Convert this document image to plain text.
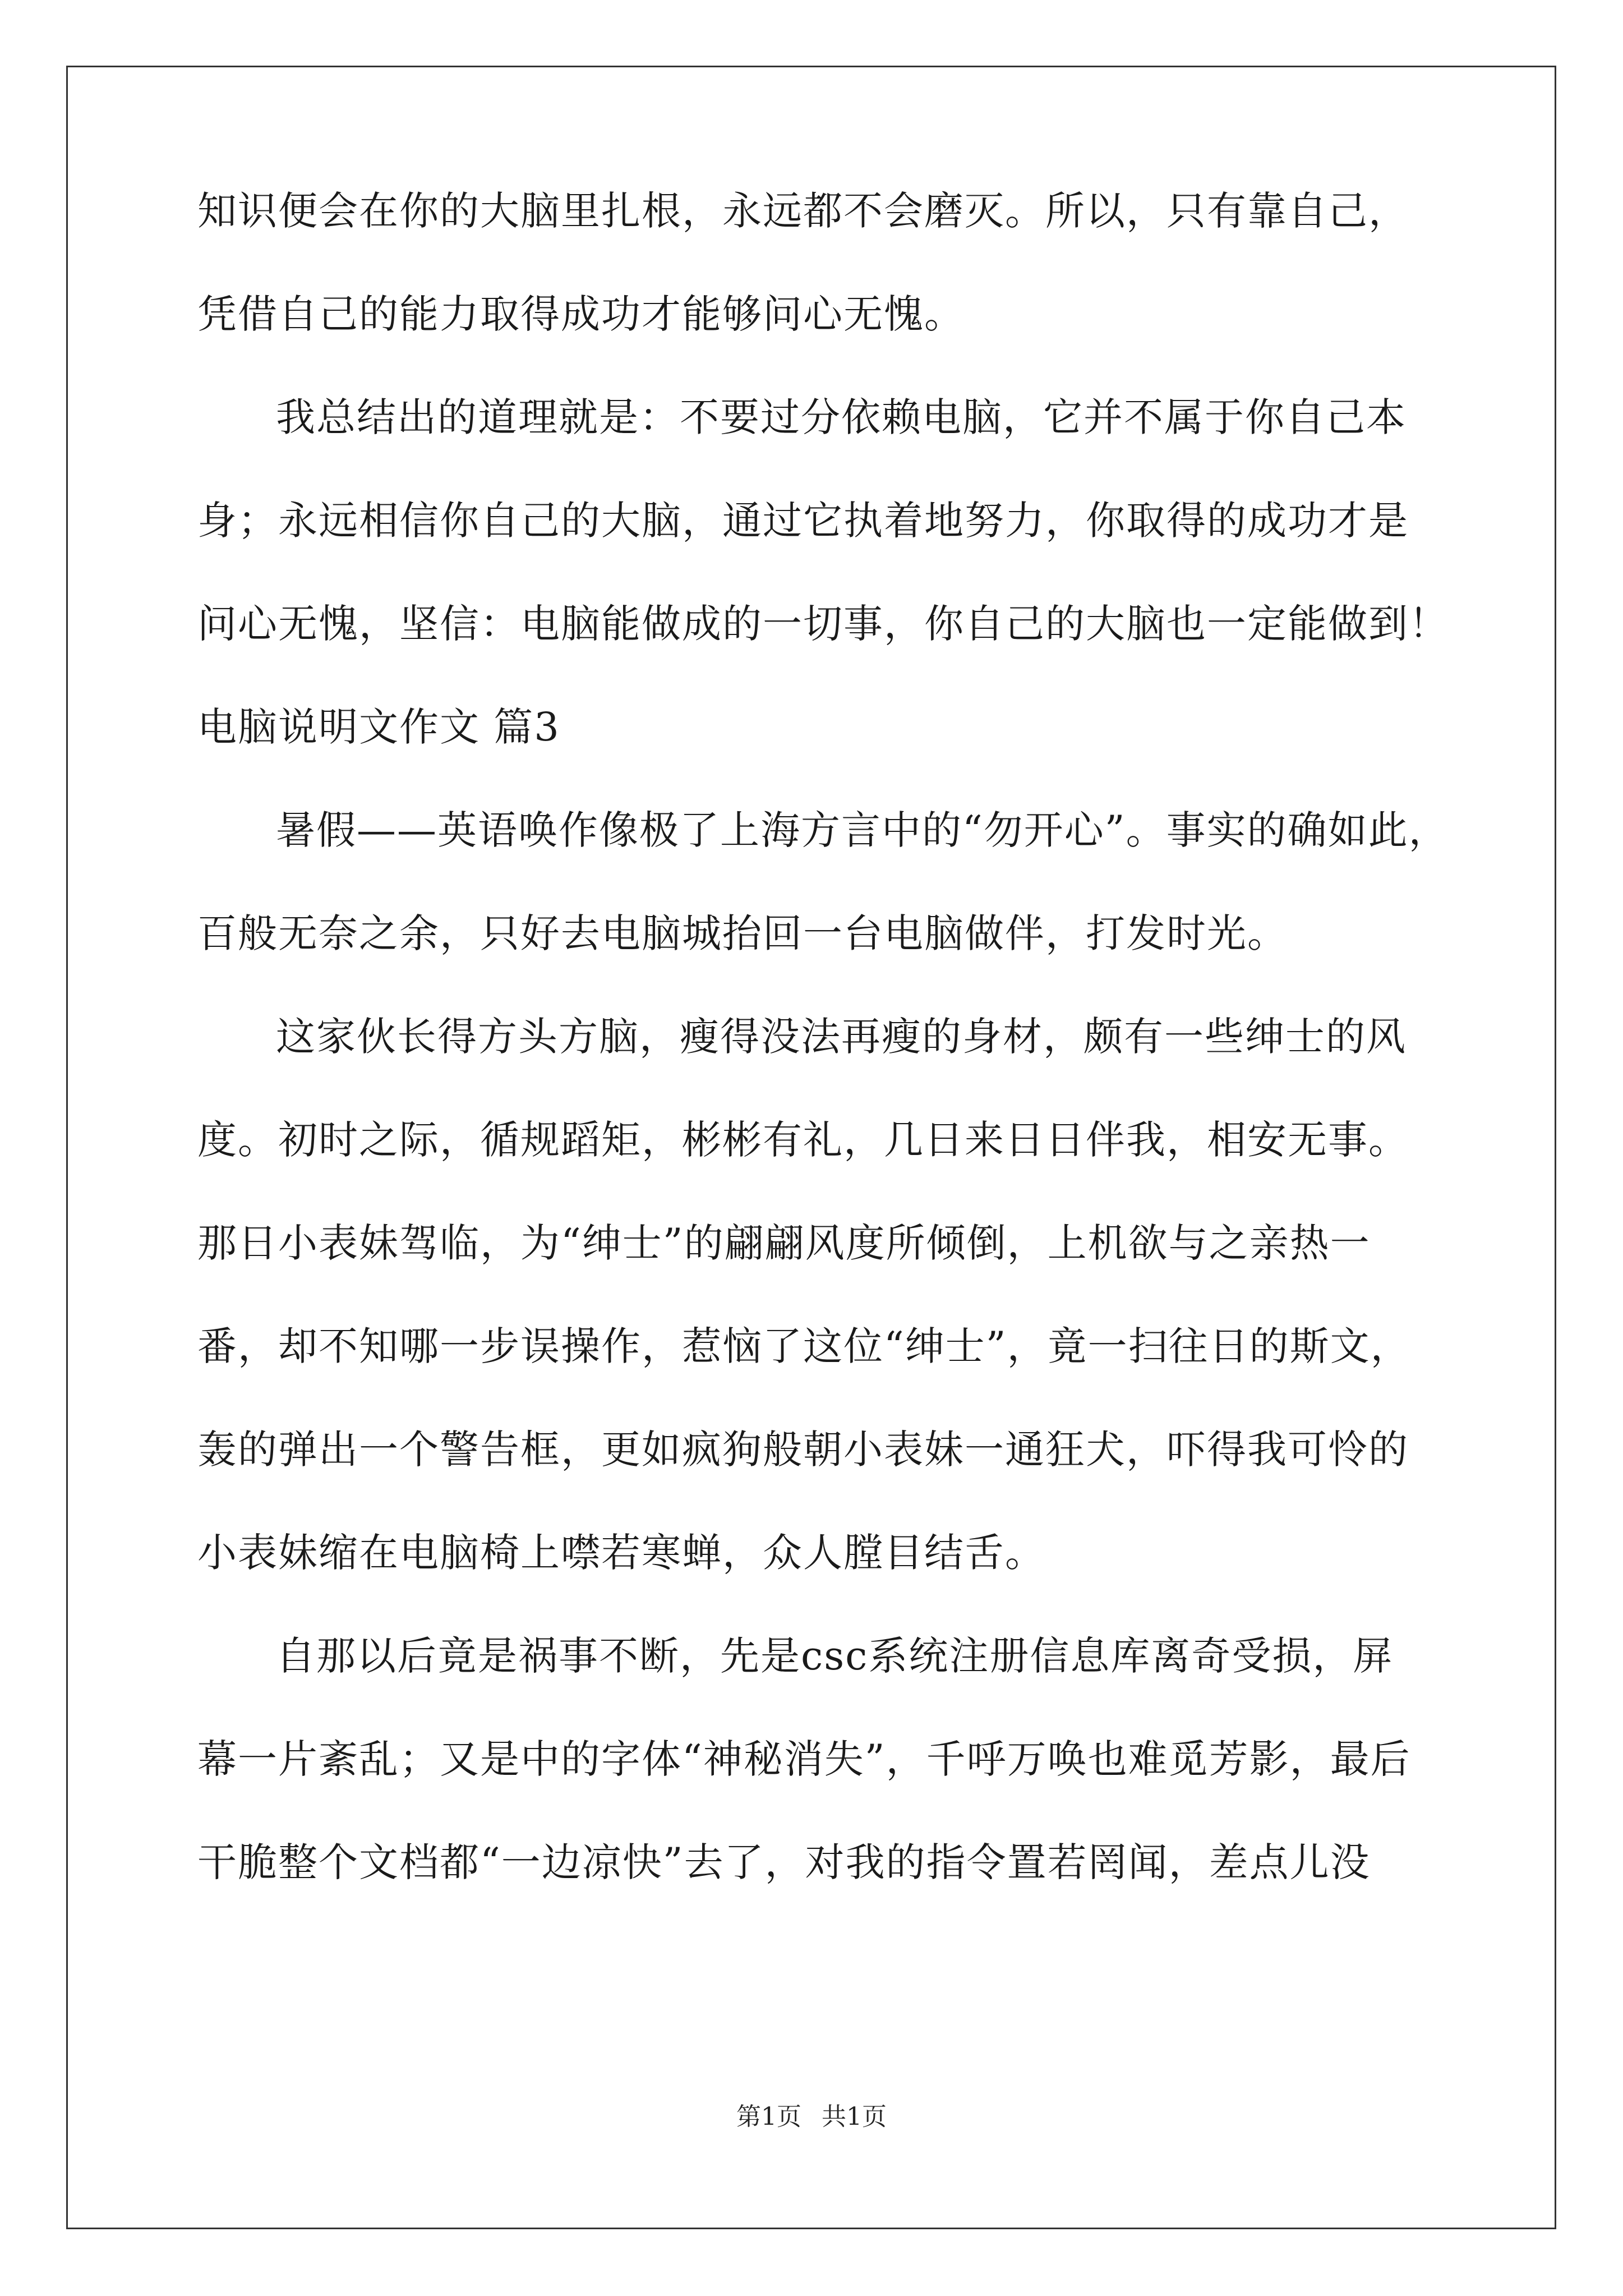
知识便会在你的大脑里扎根，永远都不会磨灭。所以，只有靠自己，
凭借自己的能力取得成功才能够问心无愧。
我总结出的道理就是：不要过分依赖电脑，它并不属于你自己本
身；永远相信你自己的大脑，通过它执着地努力，你取得的成功才是
问心无愧，坚信：电脑能做成的一切事，你自己的大脑也一定能做到！
电脑说明文作文 篇3
暑假——英语唤作像极了上海方言中的“勿开心”。事实的确如此，
百般无奈之余，只好去电脑城抬回一台电脑做伴，打发时光。
这家伙长得方头方脑，瘦得没法再瘦的身材，颇有一些绅士的风
度。初时之际，循规蹈矩，彬彬有礼，几日来日日伴我，相安无事。
那日小表妹驾临，为“绅士”的翩翩风度所倾倒，上机欲与之亲热一
番，却不知哪一步误操作，惹恼了这位“绅士”，竟一扫往日的斯文，
轰的弹出一个警告框，更如疯狗般朝小表妹一通狂犬，吓得我可怜的
小表妹缩在电脑椅上噤若寒蝉，众人膛目结舌。
自那以后竟是祸事不断，先是csc系统注册信息库离奇受损，屏
幕一片紊乱；又是中的字体“神秘消失”，千呼万唤也难觅芳影，最后
干脆整个文档都“一边凉快”去了，对我的指令置若罔闻，差点儿没
第1页 共1页
